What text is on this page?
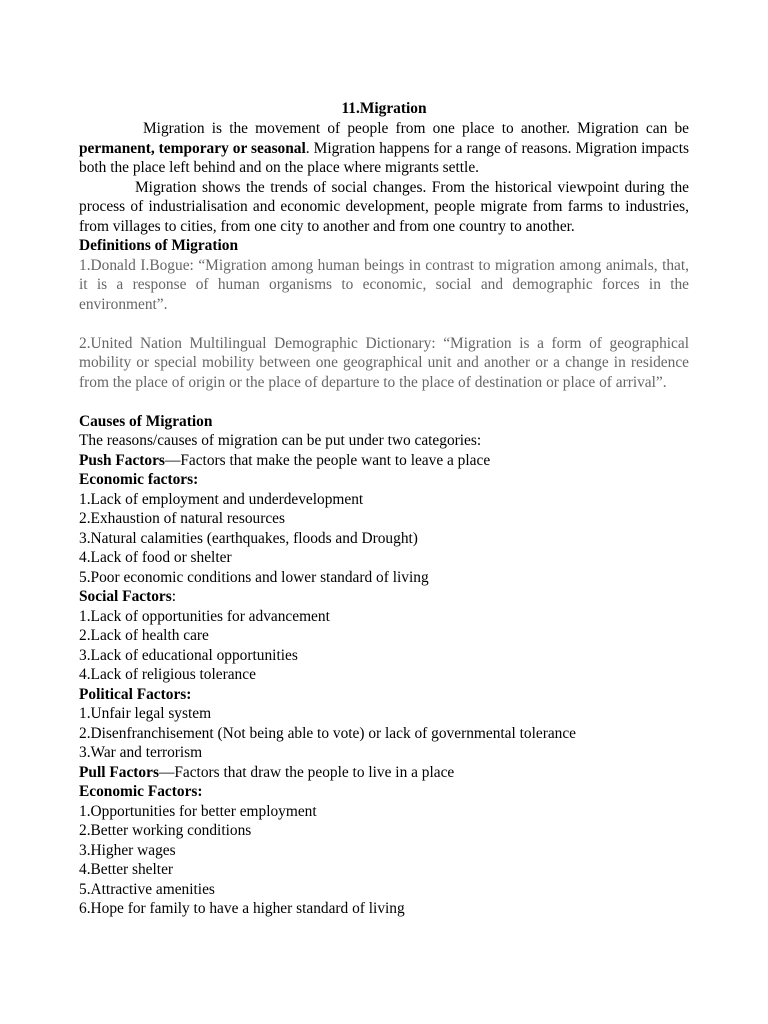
11.Migration

Migration is the movement of people from one place to another. Migration can be permanent, temporary or seasonal. Migration happens for a range of reasons. Migration impacts both the place left behind and on the place where migrants settle.

Migration shows the trends of social changes. From the historical viewpoint during the process of industrialisation and economic development, people migrate from farms to industries, from villages to cities, from one city to another and from one country to another.

Definitions of Migration

1.Donald I.Bogue: “Migration among human beings in contrast to migration among animals, that, it is a response of human organisms to economic, social and demographic forces in the environment”.

2.United Nation Multilingual Demographic Dictionary: “Migration is a form of geographical mobility or special mobility between one geographical unit and another or a change in residence from the place of origin or the place of departure to the place of destination or place of arrival”.

Causes of Migration

The reasons/causes of migration can be put under two categories:

Push Factors—Factors that make the people want to leave a place

Economic factors:

1.Lack of employment and underdevelopment

2.Exhaustion of natural resources

3.Natural calamities (earthquakes, floods and Drought)

4.Lack of food or shelter

5.Poor economic conditions and lower standard of living

Social Factors:

1.Lack of opportunities for advancement

2.Lack of health care

3.Lack of educational opportunities

4.Lack of religious tolerance

Political Factors:

1.Unfair legal system

2.Disenfranchisement (Not being able to vote) or lack of governmental tolerance

3.War and terrorism

Pull Factors—Factors that draw the people to live in a place

Economic Factors:

1.Opportunities for better employment

2.Better working conditions

3.Higher wages

4.Better shelter

5.Attractive amenities

6.Hope for family to have a higher standard of living
